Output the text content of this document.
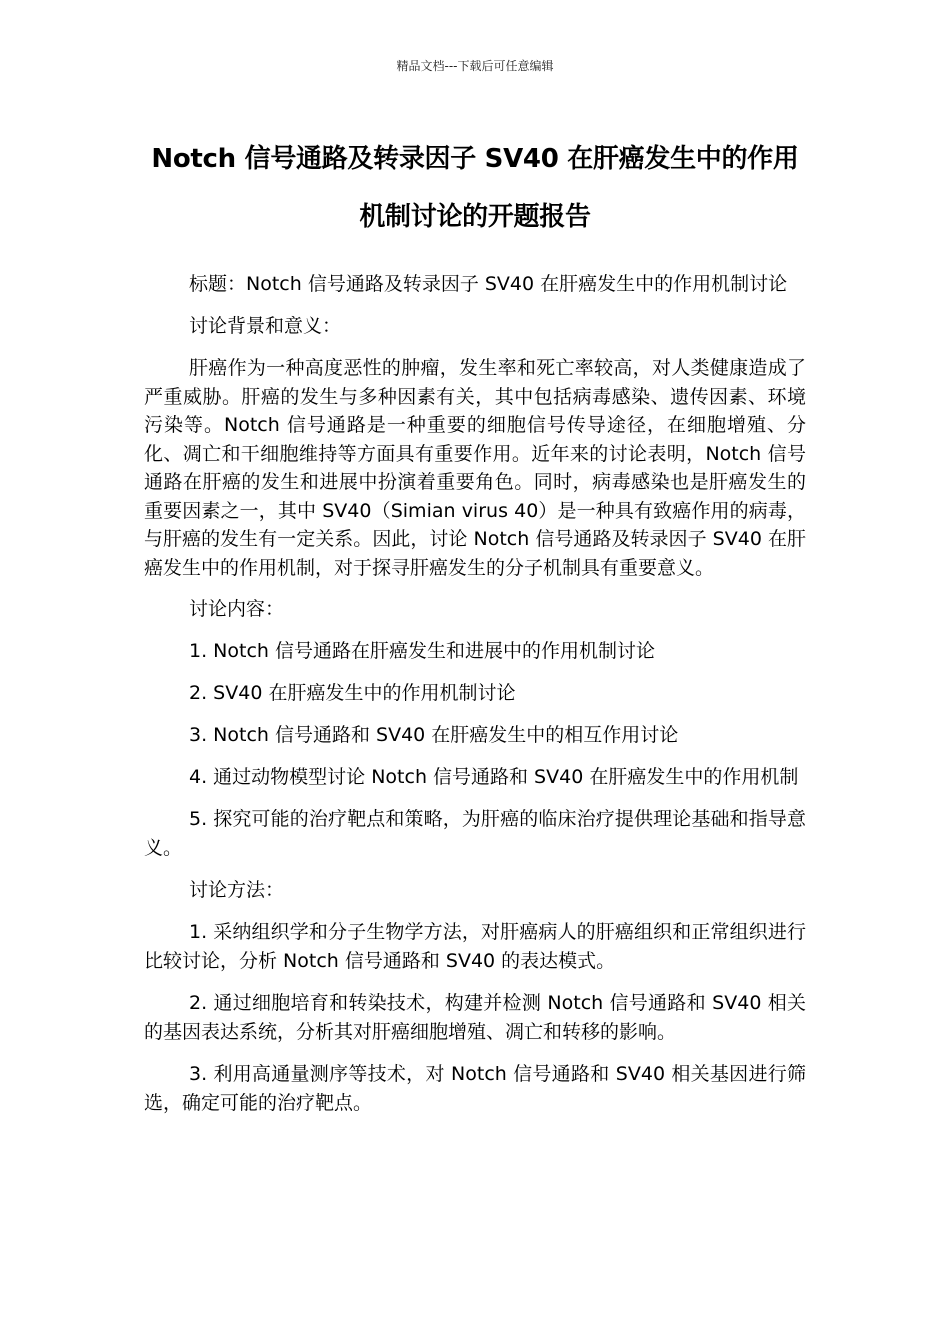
精品文档---下载后可任意编辑
Notch 信号通路及转录因子 SV40 在肝癌发生中的作用机制讨论的开题报告

标题：Notch 信号通路及转录因子 SV40 在肝癌发生中的作用机制讨论

讨论背景和意义：

肝癌作为一种高度恶性的肿瘤，发生率和死亡率较高，对人类健康造成了严重威胁。肝癌的发生与多种因素有关，其中包括病毒感染、遗传因素、环境污染等。Notch 信号通路是一种重要的细胞信号传导途径，在细胞增殖、分化、凋亡和干细胞维持等方面具有重要作用。近年来的讨论表明，Notch 信号通路在肝癌的发生和进展中扮演着重要角色。同时，病毒感染也是肝癌发生的重要因素之一，其中 SV40（Simian virus 40）是一种具有致癌作用的病毒，与肝癌的发生有一定关系。因此，讨论 Notch 信号通路及转录因子 SV40 在肝癌发生中的作用机制，对于探寻肝癌发生的分子机制具有重要意义。

讨论内容：

1. Notch 信号通路在肝癌发生和进展中的作用机制讨论

2. SV40 在肝癌发生中的作用机制讨论

3. Notch 信号通路和 SV40 在肝癌发生中的相互作用讨论

4. 通过动物模型讨论 Notch 信号通路和 SV40 在肝癌发生中的作用机制

5. 探究可能的治疗靶点和策略，为肝癌的临床治疗提供理论基础和指导意义。

讨论方法：

1. 采纳组织学和分子生物学方法，对肝癌病人的肝癌组织和正常组织进行比较讨论，分析 Notch 信号通路和 SV40 的表达模式。

2. 通过细胞培育和转染技术，构建并检测 Notch 信号通路和 SV40 相关的基因表达系统，分析其对肝癌细胞增殖、凋亡和转移的影响。

3. 利用高通量测序等技术，对 Notch 信号通路和 SV40 相关基因进行筛选，确定可能的治疗靶点。
